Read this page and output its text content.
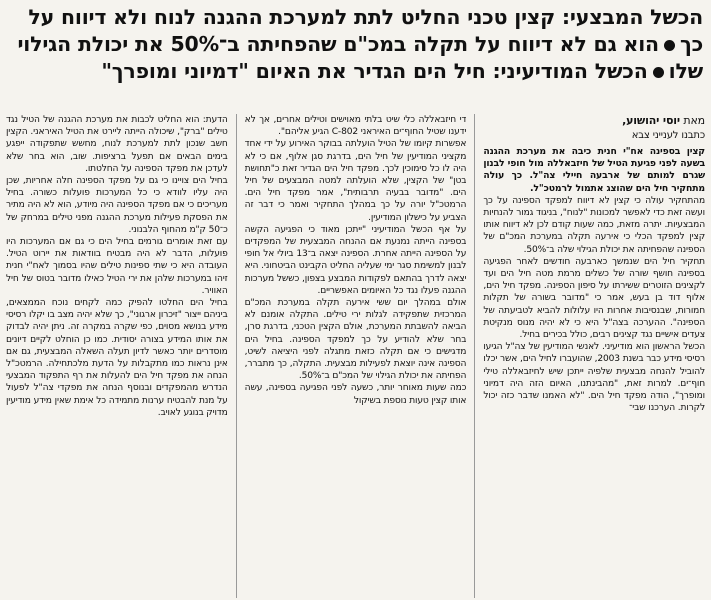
הכשל המבצעי: קצין טכני החליט לתת למערכת ההגנה לנוח ולא דיווח על
כךהוא גם לא דיווח על תקלה במכ"ם שהפחיתה ב־50% את יכולת הגילוי
שלוהכשל המודיעיני: חיל הים הגדיר את האיום "דמיוני ומופרך"
מאת יוסי יהושוע,
כתבנו לענייני צבא

קצין בספינה אח"י חנית כיבה את מערכת ההגנה בשעה לפני פגיעת הטיל של חיזבאללה מול חופי לבנון שגרם למותם של ארבעה חיילי צה"ל. כך עולה מתחקיר חיל הים שהוצג אתמול לרמטכ"ל.

מהתחקיר עולה כי קצין לא דיווח למפקד הספינה על כך ועשה זאת כדי לאפשר למכונות "לנוח", בניגוד גמור להנחיות המבצעיות. יתרה מזאת, כמה שעות קודם לכן לא דיווח אותו קצין למפקד הכלי כי אירעה תקלה במערכת המכ"ם של הספינה שהפחיתה את יכולת הגילוי שלה ב־50%.

תחקיר חיל הים שנמשך כארבעה חודשים לאחר הפגיעה בספינה חושף שורה של כשלים מרמת מטה חיל הים ועד לקצינים הזוטרים ששירתו על סיפון הספינה. מפקד חיל הים, אלוף דוד בן בעש, אמר כי "מדובר בשורה של תקלות חמורות, שבנסיבות אחרות היו עלולות להביא לטביעתה של הספינה". ההערכה בצה"ל היא כי לא יהיה מנוס מנקיטת צעדים אישיים נגד קצינים רבים, כולל בכירים בחיל.

הכשל הראשון הוא מודיעיני. לאנשי המודיעין של צה"ל הגיעו רסיסי מידע כבר בשנת 2003, שהועברו לחיל הים, אשר יכלו להוביל להנחה מבצעית שלפיה ייתכן שיש לחיזבאללה טילי חוף־ים. למרות זאת, "מהבינתנו, האיום הזה היה דמיוני ומופרך", הודה מפקד חיל הים. "לא האמנו שדבר כזה יכול לקרות. הערכנו שבי־

די חיזבאללה כלי שיט בלתי מאוישים וטילים אחרים, אך לא ידענו שטיל החוף־ים האיראני C-802 הגיע אליהם".

אפשרות קיומו של הטיל הועלתה בבוקר האירוע על ידי אחד מקציני המודיעין של חיל הים, בדרגת סגן אלוף, אם כי לא היה לו כל סימוכין לכך. מפקד חיל הים הגדיר זאת כ"תחושת בטן" של הקצין, שלא הועלתה למטה המבצעים של חיל הים. "מדובר בבעיה תרבותית", אמר מפקד חיל הים. הרמטכ"ל יורה על כך במהלך התחקיר ואמר כי דבר זה הצביע על כישלון המודיעין.

על אף הכשל המודיעיני "ייתכן מאוד כי הפגיעה הקשה בספינה הייתה נמנעת אם ההנחה המבצעית של המפקדים על הספינה הייתה אחרת. הספינה יצאה ב־13 ביולי אל חופי לבנון למשימת סגר ימי שעליה החליט הקבינט הביטחוני. היא יצאה לדרך בהתאם לפקודות המבצע בצפון, כששל מערכות ההגנה פעלו נגד כל האיומים האפשריים.

אולם במהלך יום ששי אירעה תקלה במערכת המכ"ם המרכזית שתפקידה לגלות ירי טילים. התקלה אומנם לא הביאה להשבתת המערכת, אולם הקצין הטכני, בדרגת סרן, בחר שלא להודיע על כך למפקד הספינה. בחיל הים מדגישים כי אם תקלה כזאת מתגלה לפני היציאה לשיט, הספינה אינה יוצאת לפעילות מבצעית. התקלה, כך מתברר, הפחיתה את יכולת הגילוי של המכ"ם ב־50%.

כמה שעות מאוחר יותר, כשעה לפני הפגיעה בספינה, עשה אותו קצין טעות נוספת בשיקול

הדעת: הוא החליט לכבות את מערכת ההגנה של הטיל נגד טילים "ברק", שיכולה הייתה ליירט את הטיל האיראני. הקצין חשב שנכון לתת למערכת לנוח, מחשש שתפקודה ייפגע בימים הבאים אם תפעל ברציפות. שוב, הוא בחר שלא לעדכן את מפקד הספינה על החלטתו.

בחיל הים צויינו כי גם על מפקד הספינה חלה אחריות, שכן היה עליו לוודא כי כל המערכות פועלות כשורה. בחיל מעריכים כי אם מפקד הספינה היה מיודע, הוא לא היה מתיר את הפסקת פעילות מערכת ההגנה מפני טילים במרחק של כ־50 ק"מ מהחוף הלבנוני.

עם זאת אומרים גורמים בחיל הים כי גם אם המערכות היו פועלות, הדבר לא היה מבטיח בוודאות את יירוט הטיל. העובדה היא כי שתי ספינות טילים שהיו בסמוך לאח"י חנית זיהו במערכות שלהן את ירי הטיל כאילו מדובר בטוס של חיל האוויר.

בחיל הים החלטו להפיק כמה לקחים נוכח הממצאים, ביניהם ייצור "זיכרון ארגוני", כך שלא יהיה מצב בו יקלו רסיסי מידע בנושא מסוים, כפי שקרה במקרה זה. ניתן יהיה לבדוק את אותו המידע בצורה יסודית. כמו כן הוחלט לקיים דיונים מוסדרים יותר כאשר לדיון תעלה השאלה המבצעית, גם אם אינן נראות כמו מתקבלות על הדעת מלכתחילה. הרמטכ"ל הנחה את מפקד חיל הים להעלות את רף התפקוד המבצעי הנדרש מהמפקדים ובנוסף הנחה את מפקדי צה"ל לפעול על מנת להבטיח ערנות מתמידה כל אימת שאין מידע מודיעין מדויק בנוגע לאויב.
